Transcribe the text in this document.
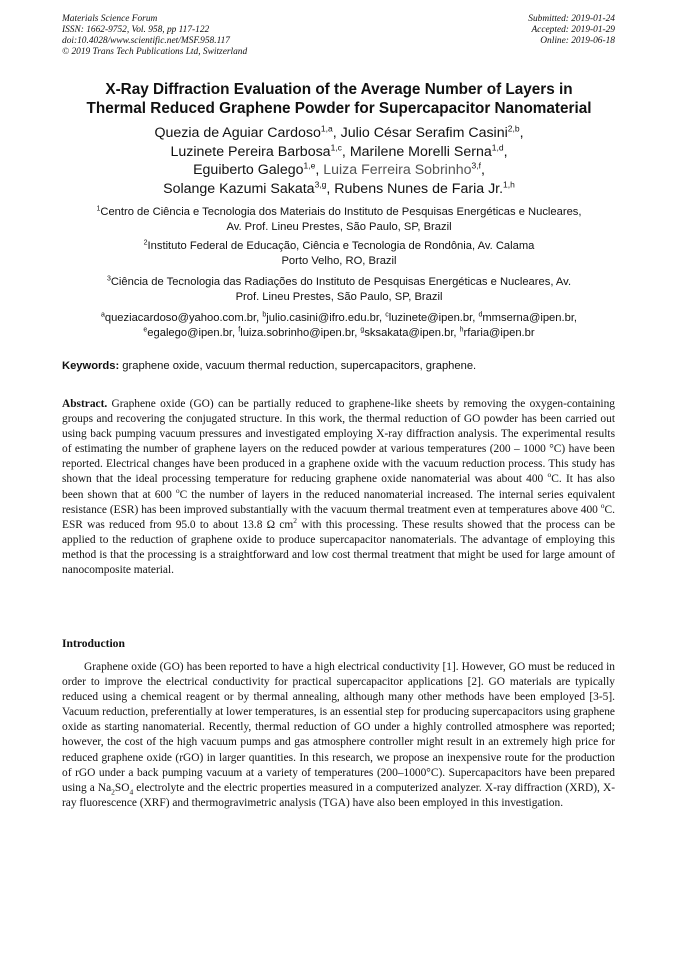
Materials Science Forum
ISSN: 1662-9752, Vol. 958, pp 117-122
doi:10.4028/www.scientific.net/MSF.958.117
© 2019 Trans Tech Publications Ltd, Switzerland
Submitted: 2019-01-24
Accepted: 2019-01-29
Online: 2019-06-18
X-Ray Diffraction Evaluation of the Average Number of Layers in
Thermal Reduced Graphene Powder for Supercapacitor Nanomaterial
Quezia de Aguiar Cardoso$^{1,a}$, Julio César Serafim Casini$^{2,b}$,
Luzinete Pereira Barbosa$^{1,c}$, Marilene Morelli Serna$^{1,d}$,
Eguiberto Galego$^{1,e}$, Luiza Ferreira Sobrinho$^{3,f}$,
Solange Kazumi Sakata$^{3,g}$, Rubens Nunes de Faria Jr.$^{1,h}$
$^1$Centro de Ciência e Tecnologia dos Materiais do Instituto de Pesquisas Energéticas e Nucleares,
Av. Prof. Lineu Prestes, São Paulo, SP, Brazil
$^2$Instituto Federal de Educação, Ciência e Tecnologia de Rondônia, Av. Calama
Porto Velho, RO, Brazil
$^3$Ciência de Tecnologia das Radiações do Instituto de Pesquisas Energéticas e Nucleares, Av.
Prof. Lineu Prestes, São Paulo, SP, Brazil
$^a$queziacardoso@yahoo.com.br, $^b$julio.casini@ifro.edu.br, $^c$luzinete@ipen.br, $^d$mmserna@ipen.br,
$^e$egalego@ipen.br, $^f$luiza.sobrinho@ipen.br, $^g$sksakata@ipen.br, $^h$rfaria@ipen.br
Keywords: graphene oxide, vacuum thermal reduction, supercapacitors, graphene.
Abstract. Graphene oxide (GO) can be partially reduced to graphene-like sheets by removing the oxygen-containing groups and recovering the conjugated structure. In this work, the thermal reduction of GO powder has been carried out using back pumping vacuum pressures and investigated employing X-ray diffraction analysis. The experimental results of estimating the number of graphene layers on the reduced powder at various temperatures (200 – 1000 °C) have been reported. Electrical changes have been produced in a graphene oxide with the vacuum reduction process. This study has shown that the ideal processing temperature for reducing graphene oxide nanomaterial was about 400 $^o$C. It has also been shown that at 600 $^o$C the number of layers in the reduced nanomaterial increased. The internal series equivalent resistance (ESR) has been improved substantially with the vacuum thermal treatment even at temperatures above 400 $^o$C. ESR was reduced from 95.0 to about 13.8 Ω $cm^2$ with this processing. These results showed that the process can be applied to the reduction of graphene oxide to produce supercapacitor nanomaterials. The advantage of employing this method is that the processing is a straightforward and low cost thermal treatment that might be used for large amount of nanocomposite material.
Introduction
Graphene oxide (GO) has been reported to have a high electrical conductivity [1]. However, GO must be reduced in order to improve the electrical conductivity for practical supercapacitor applications [2]. GO materials are typically reduced using a chemical reagent or by thermal annealing, although many other methods have been employed [3-5]. Vacuum reduction, preferentially at lower temperatures, is an essential step for producing supercapacitors using graphene oxide as starting nanomaterial. Recently, thermal reduction of GO under a highly controlled atmosphere was reported; however, the cost of the high vacuum pumps and gas atmosphere controller might result in an extremely high price for reduced graphene oxide (rGO) in larger quantities. In this research, we propose an inexpensive route for the production of rGO under a back pumping vacuum at a variety of temperatures (200–1000°C). Supercapacitors have been prepared using a $Na_2SO_4$ electrolyte and the electric properties measured in a computerized analyzer. X-ray diffraction (XRD), X-ray fluorescence (XRF) and thermogravimetric analysis (TGA) have also been employed in this investigation.
